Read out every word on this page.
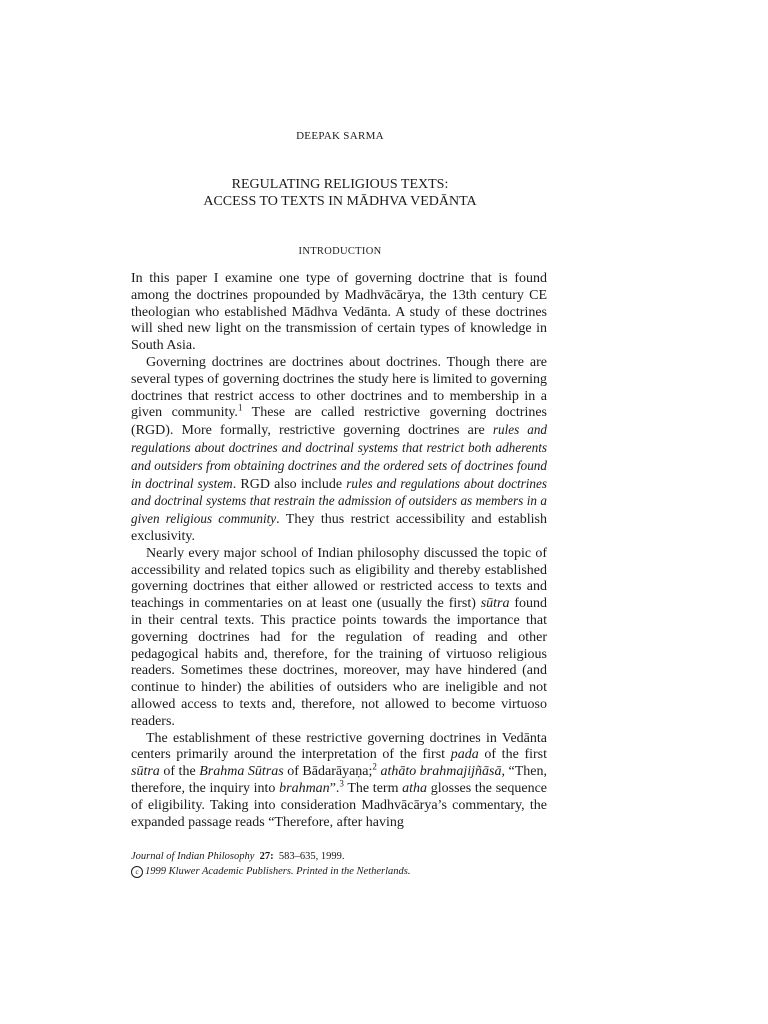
DEEPAK SARMA
REGULATING RELIGIOUS TEXTS:
ACCESS TO TEXTS IN MĀDHVA VEDĀNTA
INTRODUCTION

In this paper I examine one type of governing doctrine that is found among the doctrines propounded by Madhvācārya, the 13th century CE theologian who established Mādhva Vedānta. A study of these doctrines will shed new light on the transmission of certain types of knowledge in South Asia.

Governing doctrines are doctrines about doctrines. Though there are several types of governing doctrines the study here is limited to governing doctrines that restrict access to other doctrines and to membership in a given community.$^1$ These are called restrictive governing doctrines (RGD). More formally, restrictive governing doctrines are rules and regulations about doctrines and doctrinal systems that restrict both adherents and outsiders from obtaining doctrines and the ordered sets of doctrines found in doctrinal system. RGD also include rules and regulations about doctrines and doctrinal systems that restrain the admission of outsiders as members in a given religious community. They thus restrict accessibility and establish exclusivity.

Nearly every major school of Indian philosophy discussed the topic of accessibility and related topics such as eligibility and thereby established governing doctrines that either allowed or restricted access to texts and teachings in commentaries on at least one (usually the first) sūtra found in their central texts. This practice points towards the importance that governing doctrines had for the regulation of reading and other pedagogical habits and, therefore, for the training of virtuoso religious readers. Sometimes these doctrines, moreover, may have hindered (and continue to hinder) the abilities of outsiders who are ineligible and not allowed access to texts and, therefore, not allowed to become virtuoso readers.

The establishment of these restrictive governing doctrines in Vedānta centers primarily around the interpretation of the first pada of the first sūtra of the Brahma Sūtras of Bādarāyaṇa;$^2$ athāto brahmajijñāsā, “Then, therefore, the inquiry into brahman”.$^3$ The term atha glosses the sequence of eligibility. Taking into consideration Madhvācārya’s commentary, the expanded passage reads “Therefore, after having

Journal of Indian Philosophy 27: 583–635, 1999.
c 1999 Kluwer Academic Publishers. Printed in the Netherlands.
